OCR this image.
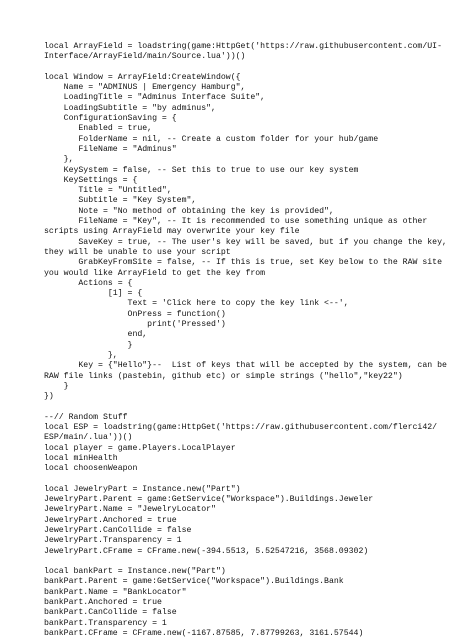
local ArrayField = loadstring(game:HttpGet('https://raw.githubusercontent.com/UI-
Interface/ArrayField/main/Source.lua'))()

local Window = ArrayField:CreateWindow({
Name = "ADMINUS | Emergency Hamburg",
LoadingTitle = "Adminus Interface Suite",
LoadingSubtitle = "by adminus",
ConfigurationSaving = {
Enabled = true,
FolderName = nil, -- Create a custom folder for your hub/game
FileName = "Adminus"
},
KeySystem = false, -- Set this to true to use our key system
KeySettings = {
Title = "Untitled",
Subtitle = "Key System",
Note = "No method of obtaining the key is provided",
FileName = "Key", -- It is recommended to use something unique as other
scripts using ArrayField may overwrite your key file
SaveKey = true, -- The user's key will be saved, but if you change the key,
they will be unable to use your script
GrabKeyFromSite = false, -- If this is true, set Key below to the RAW site
you would like ArrayField to get the key from
Actions = {
[1] = {
Text = 'Click here to copy the key link <--',
OnPress = function()
print('Pressed')
end,
}
},
Key = {"Hello"}--  List of keys that will be accepted by the system, can be
RAW file links (pastebin, github etc) or simple strings ("hello","key22")
}
})

--// Random Stuff
local ESP = loadstring(game:HttpGet('https://raw.githubusercontent.com/flerci42/
ESP/main/.lua'))()
local player = game.Players.LocalPlayer
local minHealth
local choosenWeapon

local JewelryPart = Instance.new("Part")
JewelryPart.Parent = game:GetService("Workspace").Buildings.Jeweler
JewelryPart.Name = "JewelryLocator"
JewelryPart.Anchored = true
JewelryPart.CanCollide = false
JewelryPart.Transparency = 1
JewelryPart.CFrame = CFrame.new(-394.5513, 5.52547216, 3568.09302)

local bankPart = Instance.new("Part")
bankPart.Parent = game:GetService("Workspace").Buildings.Bank
bankPart.Name = "BankLocator"
bankPart.Anchored = true
bankPart.CanCollide = false
bankPart.Transparency = 1
bankPart.CFrame = CFrame.new(-1167.87585, 7.87799263, 3161.57544)
